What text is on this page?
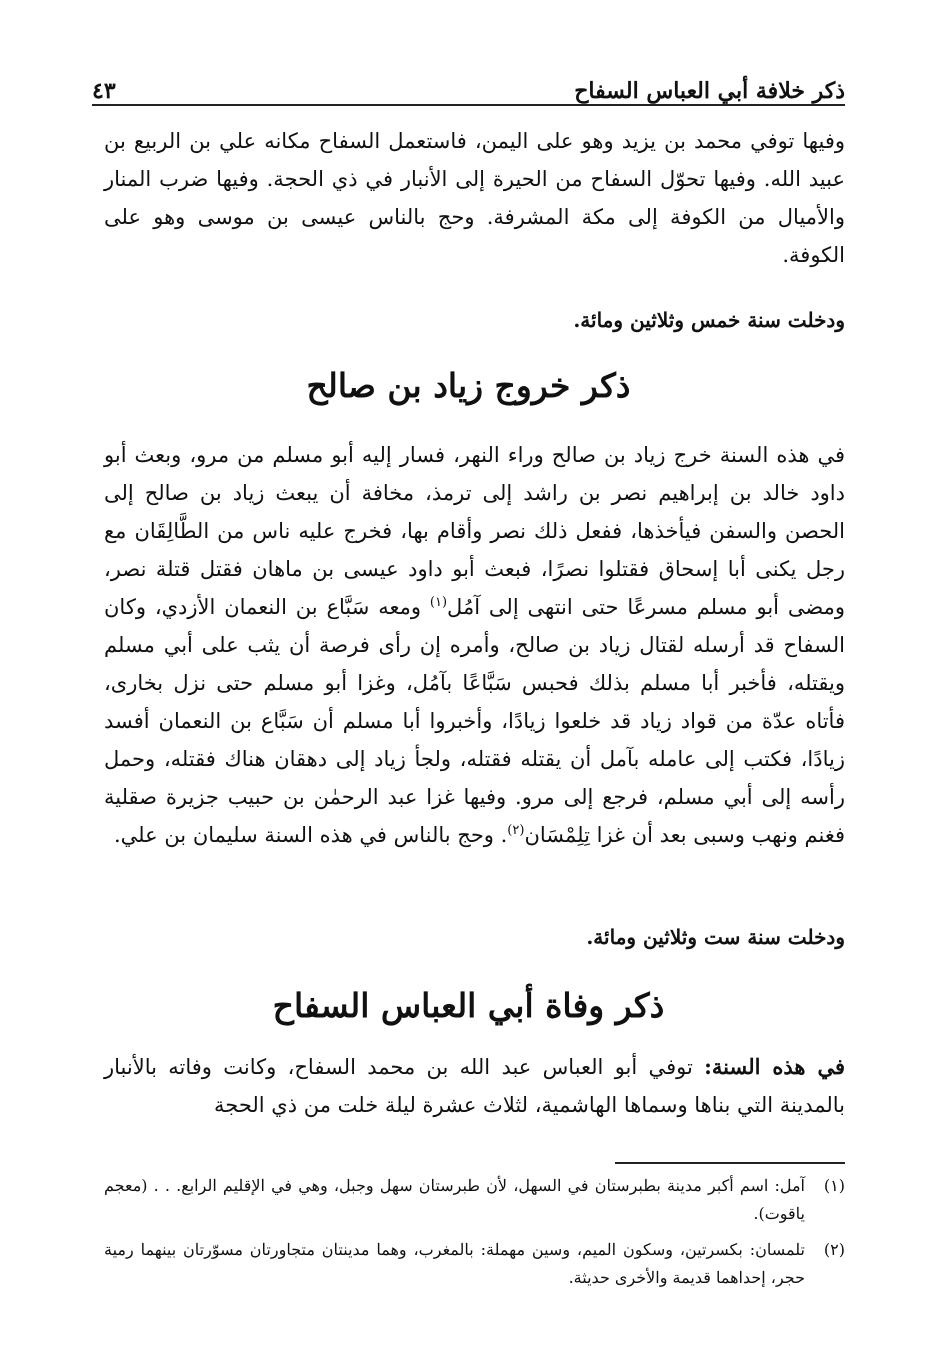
ذكر خلافة أبي العباس السفاح
٤٣

وفيها توفي محمد بن يزيد وهو على اليمن، فاستعمل السفاح مكانه علي بن الربيع بن عبيد الله. وفيها تحوّل السفاح من الحيرة إلى الأنبار في ذي الحجة. وفيها ضرب المنار والأميال من الكوفة إلى مكة المشرفة. وحج بالناس عيسى بن موسى وهو على الكوفة.

ودخلت سنة خمس وثلاثين ومائة.
ذكر خروج زياد بن صالح

في هذه السنة خرج زياد بن صالح وراء النهر، فسار إليه أبو مسلم من مرو، وبعث أبو داود خالد بن إبراهيم نصر بن راشد إلى ترمذ، مخافة أن يبعث زياد بن صالح إلى الحصن والسفن فيأخذها، ففعل ذلك نصر وأقام بها، فخرج عليه ناس من الطَّالِقَان مع رجل يكنى أبا إسحاق فقتلوا نصرًا، فبعث أبو داود عيسى بن ماهان فقتل قتلة نصر، ومضى أبو مسلم مسرعًا حتى انتهى إلى آمُل$^{(١)}$ ومعه سَبَّاع بن النعمان الأزدي، وكان السفاح قد أرسله لقتال زياد بن صالح، وأمره إن رأى فرصة أن يثب على أبي مسلم ويقتله، فأخبر أبا مسلم بذلك فحبس سَبَّاعًا بآمُل، وغزا أبو مسلم حتى نزل بخارى، فأتاه عدّة من قواد زياد قد خلعوا زيادًا، وأخبروا أبا مسلم أن سَبَّاع بن النعمان أفسد زيادًا، فكتب إلى عامله بآمل أن يقتله فقتله، ولجأ زياد إلى دهقان هناك فقتله، وحمل رأسه إلى أبي مسلم، فرجع إلى مرو. وفيها غزا عبد الرحمٰن بن حبيب جزيرة صقلية فغنم ونهب وسبى بعد أن غزا تِلِمْسَان$^{(٢)}$. وحج بالناس في هذه السنة سليمان بن علي.

ودخلت سنة ست وثلاثين ومائة.
ذكر وفاة أبي العباس السفاح

في هذه السنة: توفي أبو العباس عبد الله بن محمد السفاح، وكانت وفاته بالأنبار بالمدينة التي بناها وسماها الهاشمية، لثلاث عشرة ليلة خلت من ذي الحجة

(١)
آمل: اسم أكبر مدينة بطبرستان في السهل، لأن طبرستان سهل وجبل، وهي في الإقليم الرابع. . . (معجم ياقوت).
(٢)
تلمسان: بكسرتين، وسكون الميم، وسين مهملة: بالمغرب، وهما مدينتان متجاورتان مسوّرتان بينهما رمية حجر، إحداهما قديمة والأخرى حديثة.
